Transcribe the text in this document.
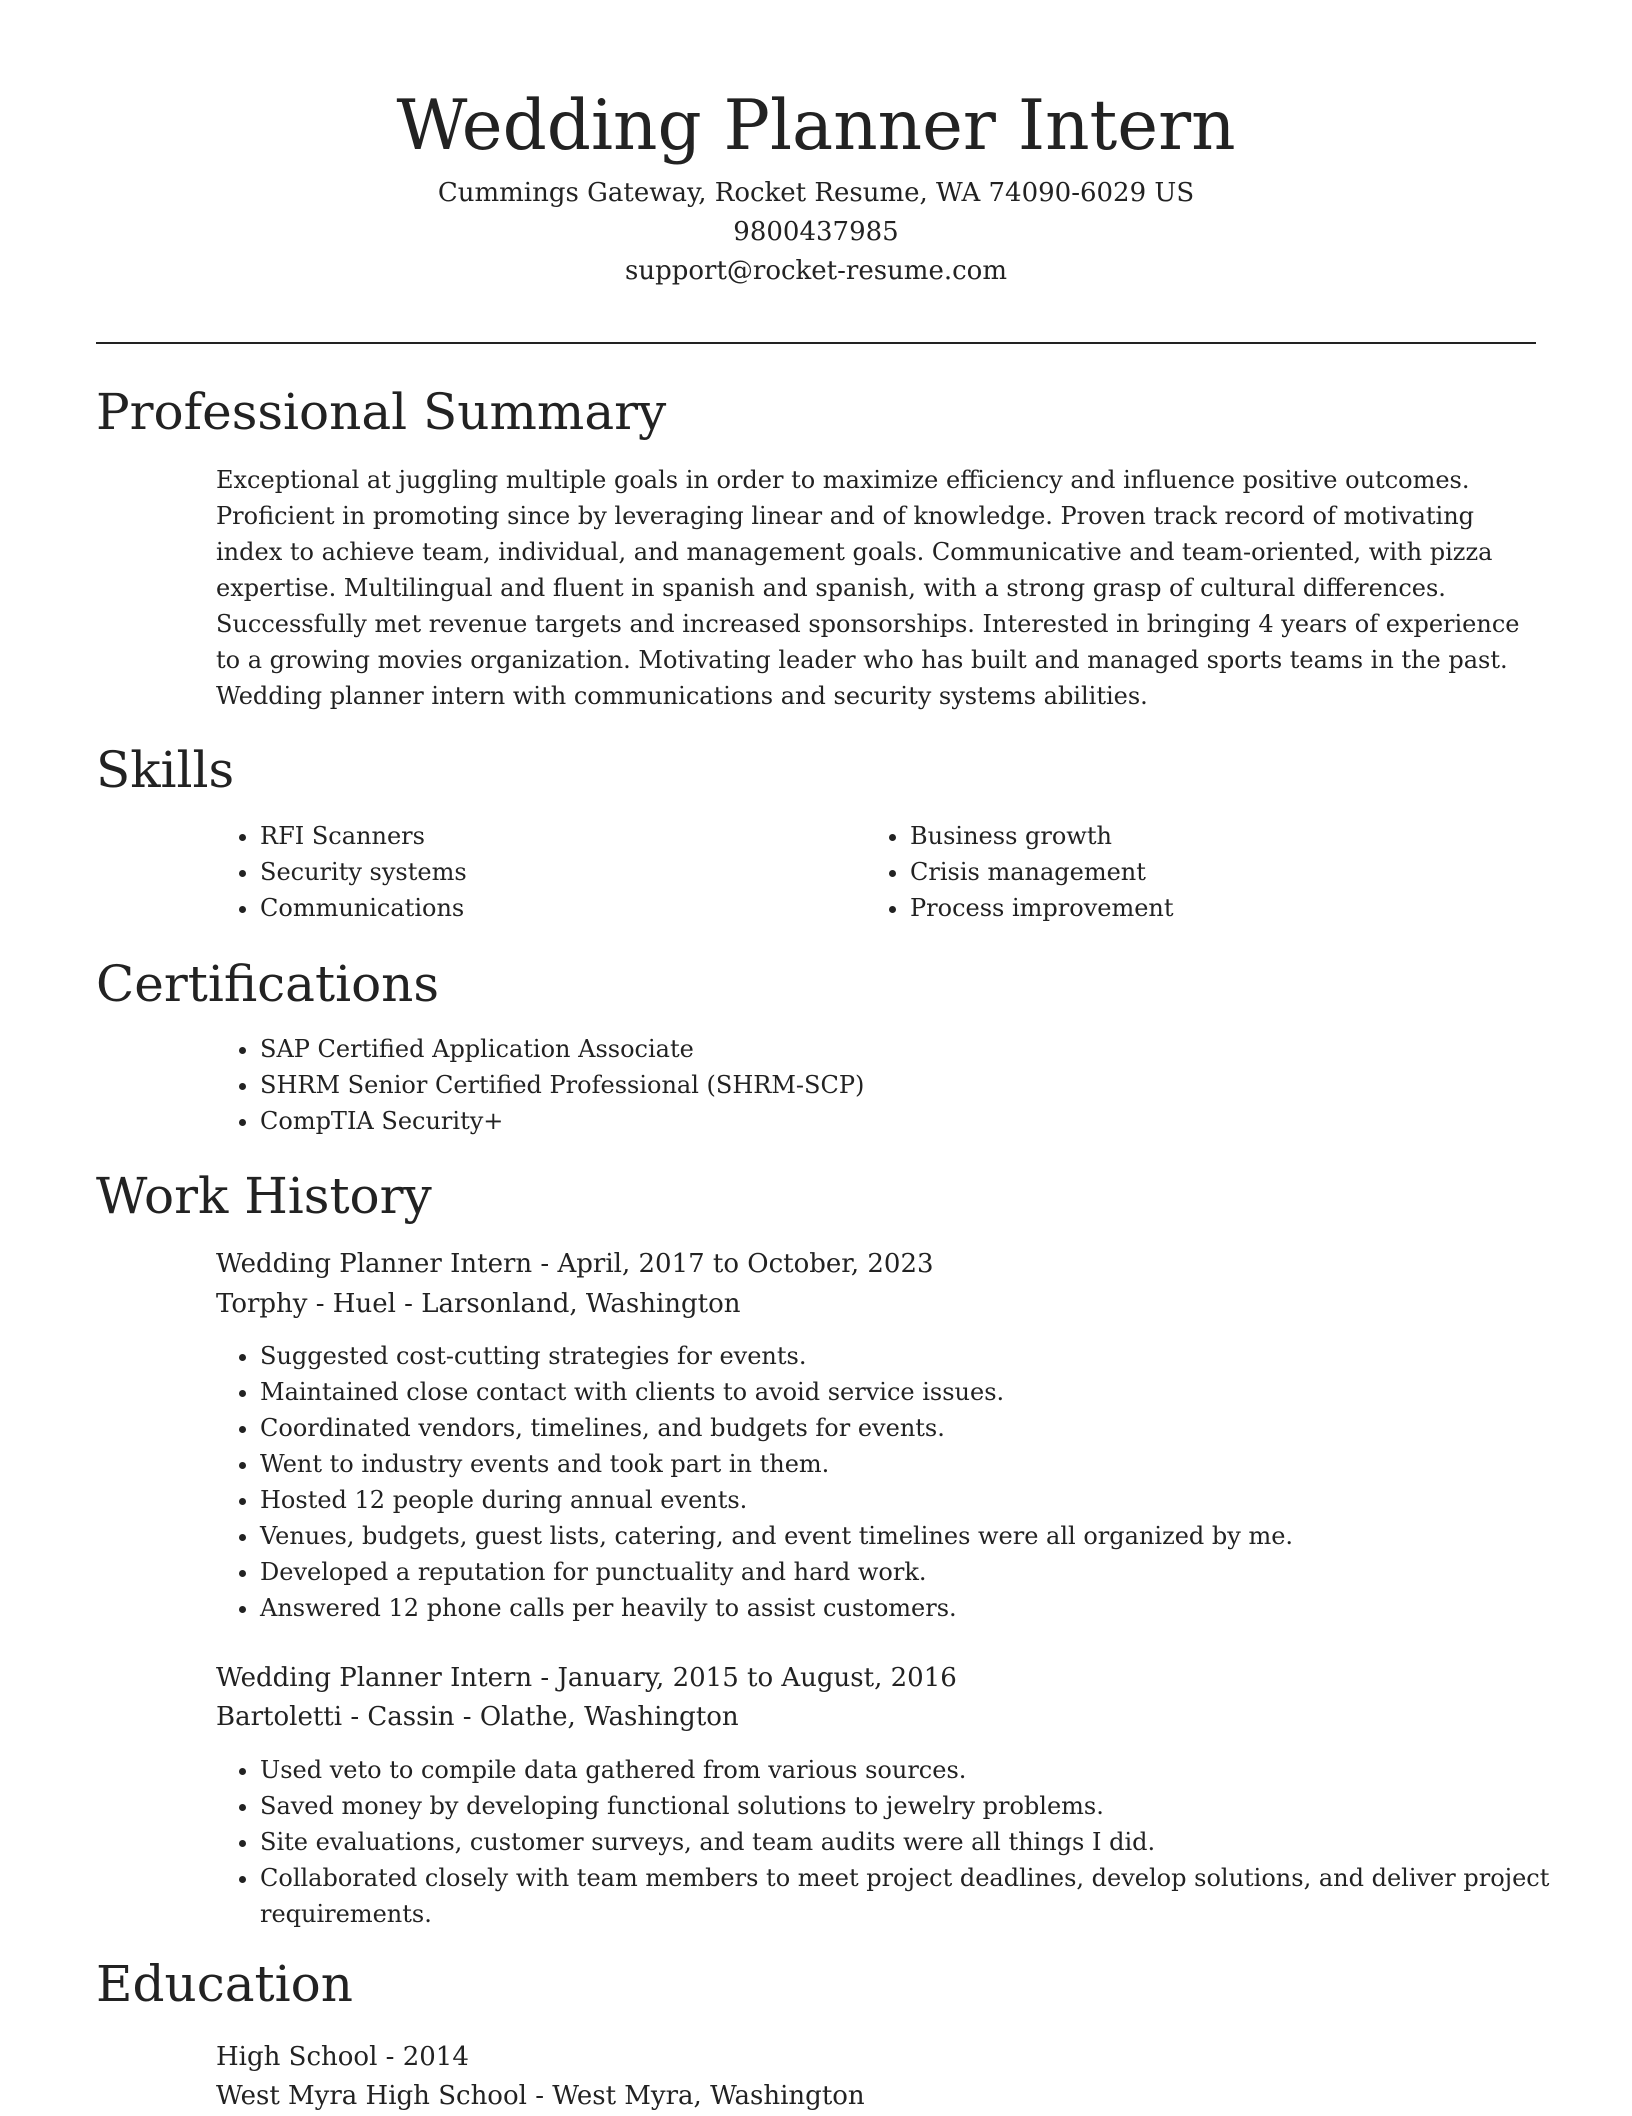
Wedding Planner Intern
Cummings Gateway, Rocket Resume, WA 74090-6029 US
9800437985
support@rocket-resume.com
Professional Summary

Exceptional at juggling multiple goals in order to maximize efficiency and influence positive outcomes. Proficient in promoting since by leveraging linear and of knowledge. Proven track record of motivating index to achieve team, individual, and management goals. Communicative and team-oriented, with pizza expertise. Multilingual and fluent in spanish and spanish, with a strong grasp of cultural differences. Successfully met revenue targets and increased sponsorships. Interested in bringing 4 years of experience to a growing movies organization. Motivating leader who has built and managed sports teams in the past. Wedding planner intern with communications and security systems abilities.

Skills
• RFI Scanners
• Security systems
• Communications
• Business growth
• Crisis management
• Process improvement
Certifications
• SAP Certified Application Associate
• SHRM Senior Certified Professional (SHRM-SCP)
• CompTIA Security+
Work History
Wedding Planner Intern - April, 2017 to October, 2023
Torphy - Huel - Larsonland, Washington
• Suggested cost-cutting strategies for events.
• Maintained close contact with clients to avoid service issues.
• Coordinated vendors, timelines, and budgets for events.
• Went to industry events and took part in them.
• Hosted 12 people during annual events.
• Venues, budgets, guest lists, catering, and event timelines were all organized by me.
• Developed a reputation for punctuality and hard work.
• Answered 12 phone calls per heavily to assist customers.
Wedding Planner Intern - January, 2015 to August, 2016
Bartoletti - Cassin - Olathe, Washington
• Used veto to compile data gathered from various sources.
• Saved money by developing functional solutions to jewelry problems.
• Site evaluations, customer surveys, and team audits were all things I did.
• Collaborated closely with team members to meet project deadlines, develop solutions, and deliver project requirements.
Education
High School - 2014
West Myra High School - West Myra, Washington
